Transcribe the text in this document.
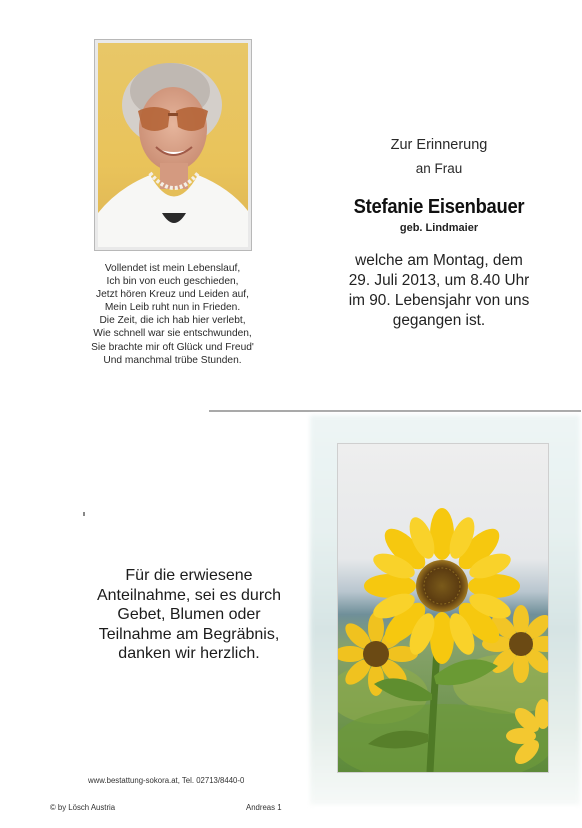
Vollendet ist mein Lebenslauf,
Ich bin von euch geschieden,
Jetzt hören Kreuz und Leiden auf,
Mein Leib ruht nun in Frieden.
Die Zeit, die ich hab hier verlebt,
Wie schnell war sie entschwunden,
Sie brachte mir oft Glück und Freud'
Und manchmal trübe Stunden.
Zur Erinnerung
an Frau
Stefanie Eisenbauer
geb. Lindmaier
welche am Montag, dem
29. Juli 2013, um 8.40 Uhr
im 90. Lebensjahr von uns
gegangen ist.
Für die erwiesene
Anteilnahme, sei es durch
Gebet, Blumen oder
Teilnahme am Begräbnis,
danken wir herzlich.
www.bestattung-sokora.at, Tel. 02713/8440-0
© by Lösch Austria	Andreas 1
